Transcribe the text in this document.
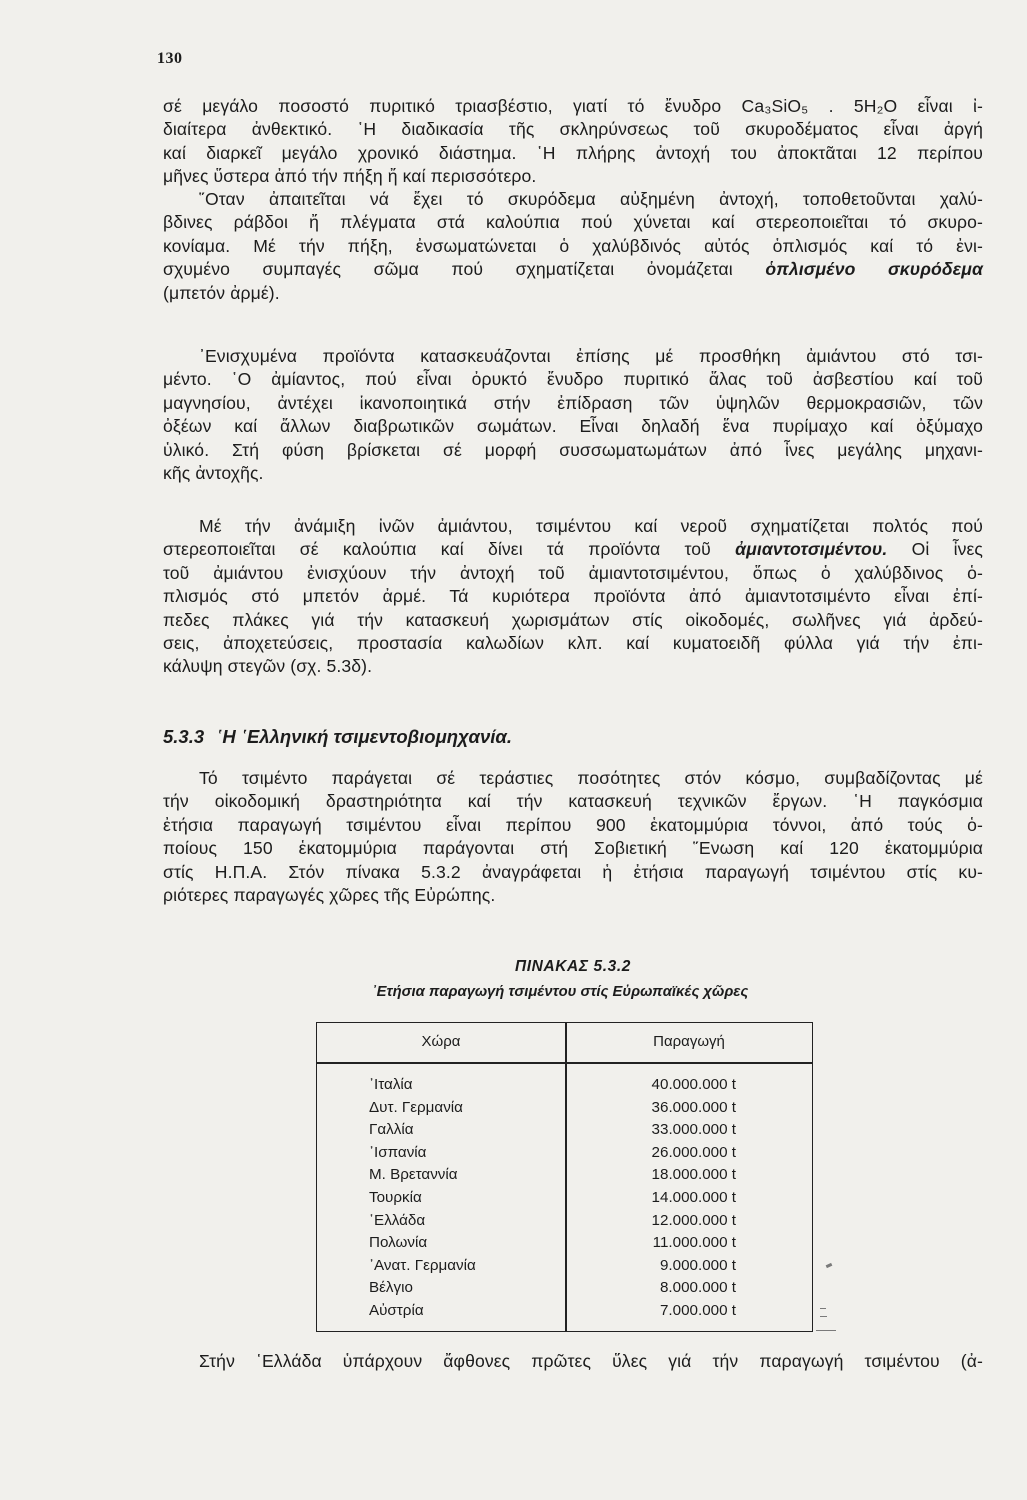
130
σέ μεγάλο ποσοστό πυριτικό τριασβέστιο, γιατί τό ἔνυδρο Ca₃SiO₅ . 5H₂O εἶναι ἰ-
διαίτερα ἀνθεκτικό. ῾Η διαδικασία τῆς σκληρύνσεως τοῦ σκυροδέματος εἶναι ἀργή
καί διαρκεῖ μεγάλο χρονικό διάστημα. ῾Η πλήρης ἀντοχή του ἀποκτᾶται 12 περίπου
μῆνες ὕστερα ἀπό τήν πήξη ἤ καί περισσότερο.
῞Οταν ἀπαιτεῖται νά ἔχει τό σκυρόδεμα αὐξημένη ἀντοχή, τοποθετοῦνται χαλύ-
βδινες ράβδοι ἤ πλέγματα στά καλούπια πού χύνεται καί στερεοποιεῖται τό σκυρο-
κονίαμα. Μέ τήν πήξη, ἐνσωματώνεται ὁ χαλύβδινός αὐτός ὁπλισμός καί τό ἐνι-
σχυμένο συμπαγές σῶμα πού σχηματίζεται ὀνομάζεται ὁπλισμένο σκυρόδεμα
(μπετόν ἀρμέ).
᾿Ενισχυμένα προϊόντα κατασκευάζονται ἐπίσης μέ προσθήκη ἀμιάντου στό τσι-
μέντο. ῾Ο ἀμίαντος, πού εἶναι ὀρυκτό ἔνυδρο πυριτικό ἅλας τοῦ ἀσβεστίου καί τοῦ
μαγνησίου, ἀντέχει ἱκανοποιητικά στήν ἐπίδραση τῶν ὑψηλῶν θερμοκρασιῶν, τῶν
ὀξέων καί ἄλλων διαβρωτικῶν σωμάτων. Εἶναι δηλαδή ἕνα πυρίμαχο καί ὀξύμαχο
ὑλικό. Στή φύση βρίσκεται σέ μορφή συσσωματωμάτων ἀπό ἶνες μεγάλης μηχανι-
κῆς ἀντοχῆς.
Μέ τήν ἀνάμιξη ἰνῶν ἀμιάντου, τσιμέντου καί νεροῦ σχηματίζεται πολτός πού
στερεοποιεῖται σέ καλούπια καί δίνει τά προϊόντα τοῦ ἀμιαντοτσιμέντου. Οἱ ἶνες
τοῦ ἀμιάντου ἐνισχύουν τήν ἀντοχή τοῦ ἀμιαντοτσιμέντου, ὅπως ὁ χαλύβδινος ὁ-
πλισμός στό μπετόν ἀρμέ. Τά κυριότερα προϊόντα ἀπό ἀμιαντοτσιμέντο εἶναι ἐπί-
πεδες πλάκες γιά τήν κατασκευή χωρισμάτων στίς οἰκοδομές, σωλῆνες γιά ἀρδεύ-
σεις, ἀποχετεύσεις, προστασία καλωδίων κλπ. καί κυματοειδῆ φύλλα γιά τήν ἐπι-
κάλυψη στεγῶν (σχ. 5.3δ).
5.3.3 ῾Η ῾Ελληνική τσιμεντοβιομηχανία.
Τό τσιμέντο παράγεται σέ τεράστιες ποσότητες στόν κόσμο, συμβαδίζοντας μέ
τήν οἰκοδομική δραστηριότητα καί τήν κατασκευή τεχνικῶν ἔργων. ῾Η παγκόσμια
ἐτήσια παραγωγή τσιμέντου εἶναι περίπου 900 ἑκατομμύρια τόννοι, ἀπό τούς ὁ-
ποίους 150 ἑκατομμύρια παράγονται στή Σοβιετική ῞Ενωση καί 120 ἑκατομμύρια
στίς Η.Π.Α. Στόν πίνακα 5.3.2 ἀναγράφεται ἡ ἐτήσια παραγωγή τσιμέντου στίς κυ-
ριότερες παραγωγές χῶρες τῆς Εὐρώπης.
ΠΙΝΑΚΑΣ 5.3.2
᾿Ετήσια παραγωγή τσιμέντου στίς Εὐρωπαϊκές χῶρες
Χώρα	Παραγωγή
᾿Ιταλία	40.000.000 t
Δυτ. Γερμανία	36.000.000 t
Γαλλία	33.000.000 t
᾿Ισπανία	26.000.000 t
Μ. Βρεταννία	18.000.000 t
Τουρκία	14.000.000 t
῾Ελλάδα	12.000.000 t
Πολωνία	11.000.000 t
᾿Ανατ. Γερμανία	9.000.000 t
Βέλγιο	8.000.000 t
Αὐστρία	7.000.000 t
Στήν ῾Ελλάδα ὑπάρχουν ἄφθονες πρῶτες ὕλες γιά τήν παραγωγή τσιμέντου (ἀ-
